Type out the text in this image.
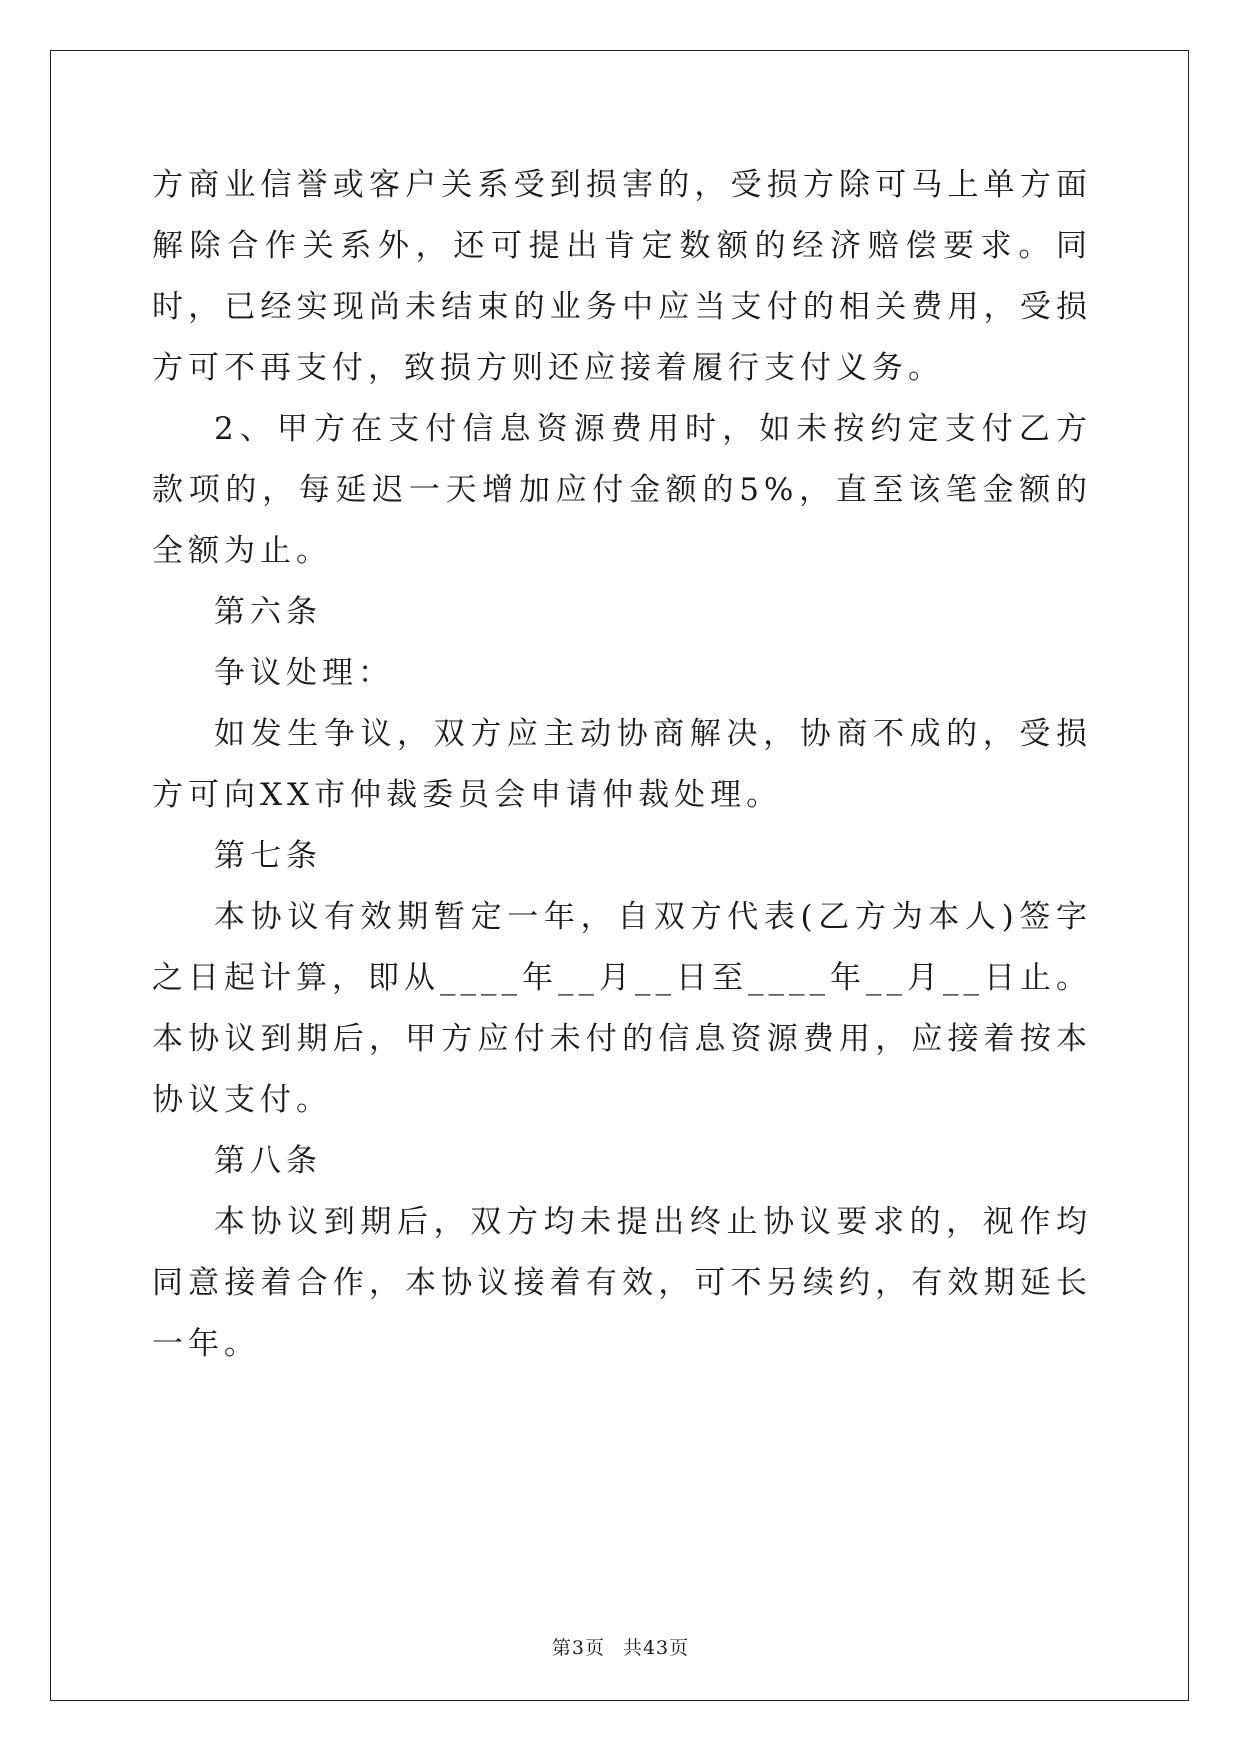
方商业信誉或客户关系受到损害的，受损方除可马上单方面解除合作关系外，还可提出肯定数额的经济赔偿要求。同时，已经实现尚未结束的业务中应当支付的相关费用，受损方可不再支付，致损方则还应接着履行支付义务。

2、甲方在支付信息资源费用时，如未按约定支付乙方款项的，每延迟一天增加应付金额的5%，直至该笔金额的全额为止。

第六条

争议处理：

如发生争议，双方应主动协商解决，协商不成的，受损方可向XX市仲裁委员会申请仲裁处理。

第七条

本协议有效期暂定一年，自双方代表(乙方为本人)签字之日起计算，即从____年__月__日至____年__月__日止。本协议到期后，甲方应付未付的信息资源费用，应接着按本协议支付。

第八条

本协议到期后，双方均未提出终止协议要求的，视作均同意接着合作，本协议接着有效，可不另续约，有效期延长一年。

第3页 共43页
